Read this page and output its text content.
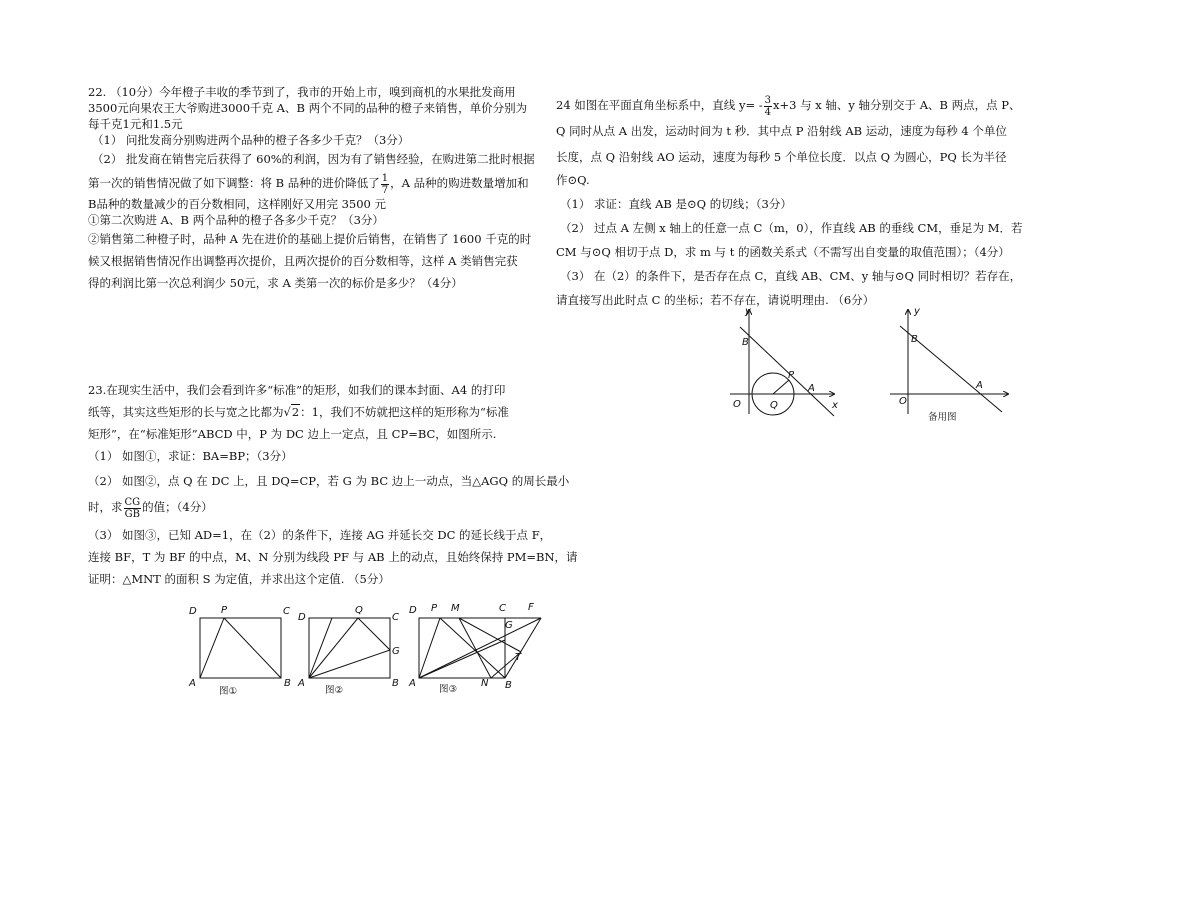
22. （10分）今年橙子丰收的季节到了，我市的开始上市，嗅到商机的水果批发商用
3500元向果农王大爷购进3000千克 A、B 两个不同的品种的橙子来销售，单价分别为
每千克1元和1.5元
（1） 问批发商分别购进两个品种的橙子各多少千克？（3分）
（2） 批发商在销售完后获得了 60%的利润，因为有了销售经验，在购进第二批时根据
第一次的销售情况做了如下调整：将 B 品种的进价降低了 $\frac{1}{7}$ ，A 品种的购进数量增加和
B品种的数量减少的百分数相同，这样刚好又用完 3500 元
①第二次购进 A、B 两个品种的橙子各多少千克？（3分）
②销售第二种橙子时，品种 A 先在进价的基础上提价后销售，在销售了 1600 千克的时
候又根据销售情况作出调整再次提价，且两次提价的百分数相等，这样 A 类销售完获
得的利润比第一次总利润少 50元，求 A 类第一次的标价是多少？（4分）
23.在现实生活中，我们会看到许多“标准”的矩形，如我们的课本封面、A4 的打印
纸等，其实这些矩形的长与宽之比都为√2：1，我们不妨就把这样的矩形称为“标准
矩形”，在“标准矩形”ABCD 中，P 为 DC 边上一定点，且 CP=BC，如图所示.
（1） 如图①，求证：BA=BP；（3分）
（2） 如图②，点 Q 在 DC 上，且 DQ=CP，若 G 为 BC 边上一动点，当△AGQ 的周长最小
时，求 $\frac{CG}{GB}$ 的值；（4分）
（3） 如图③，已知 AD=1，在（2）的条件下，连接 AG 并延长交 DC 的延长线于点 F，
连接 BF，T 为 BF 的中点，M、N 分别为线段 PF 与 AB 上的动点，且始终保持 PM=BN，请
证明：△MNT 的面积 S 为定值，并求出这个定值. （5分）
D P	C
A	B
图①
D
Q
C
G
A	B
图②
D P M	C F
G
T
A	N B
图③
24 如图在平面直角坐标系中，直线 $y= - \frac{3}{4} x+3$ 与 x 轴、y 轴分别交于 A、B 两点，点 P、
Q 同时从点 A 出发，运动时间为 t 秒．其中点 P 沿射线 AB 运动，速度为每秒 4 个单位
长度，点 Q 沿射线 AO 运动，速度为每秒 5 个单位长度．以点 Q 为圆心，PQ 长为半径
作⊙Q.
（1） 求证：直线 AB 是⊙Q 的切线；（3分）
（2） 过点 A 左侧 x 轴上的任意一点 C（m，0），作直线 AB 的垂线 CM，垂足为 M．若
CM 与⊙Q 相切于点 D，求 m 与 t 的函数关系式（不需写出自变量的取值范围）；（4分）
（3） 在（2）的条件下，是否存在点 C，直线 AB、CM、y 轴与⊙Q 同时相切？若存在，
请直接写出此时点 C 的坐标；若不存在，请说明理由. （6分）
y
B
P
A
O	Q	x
y
B
A
O
备用图
